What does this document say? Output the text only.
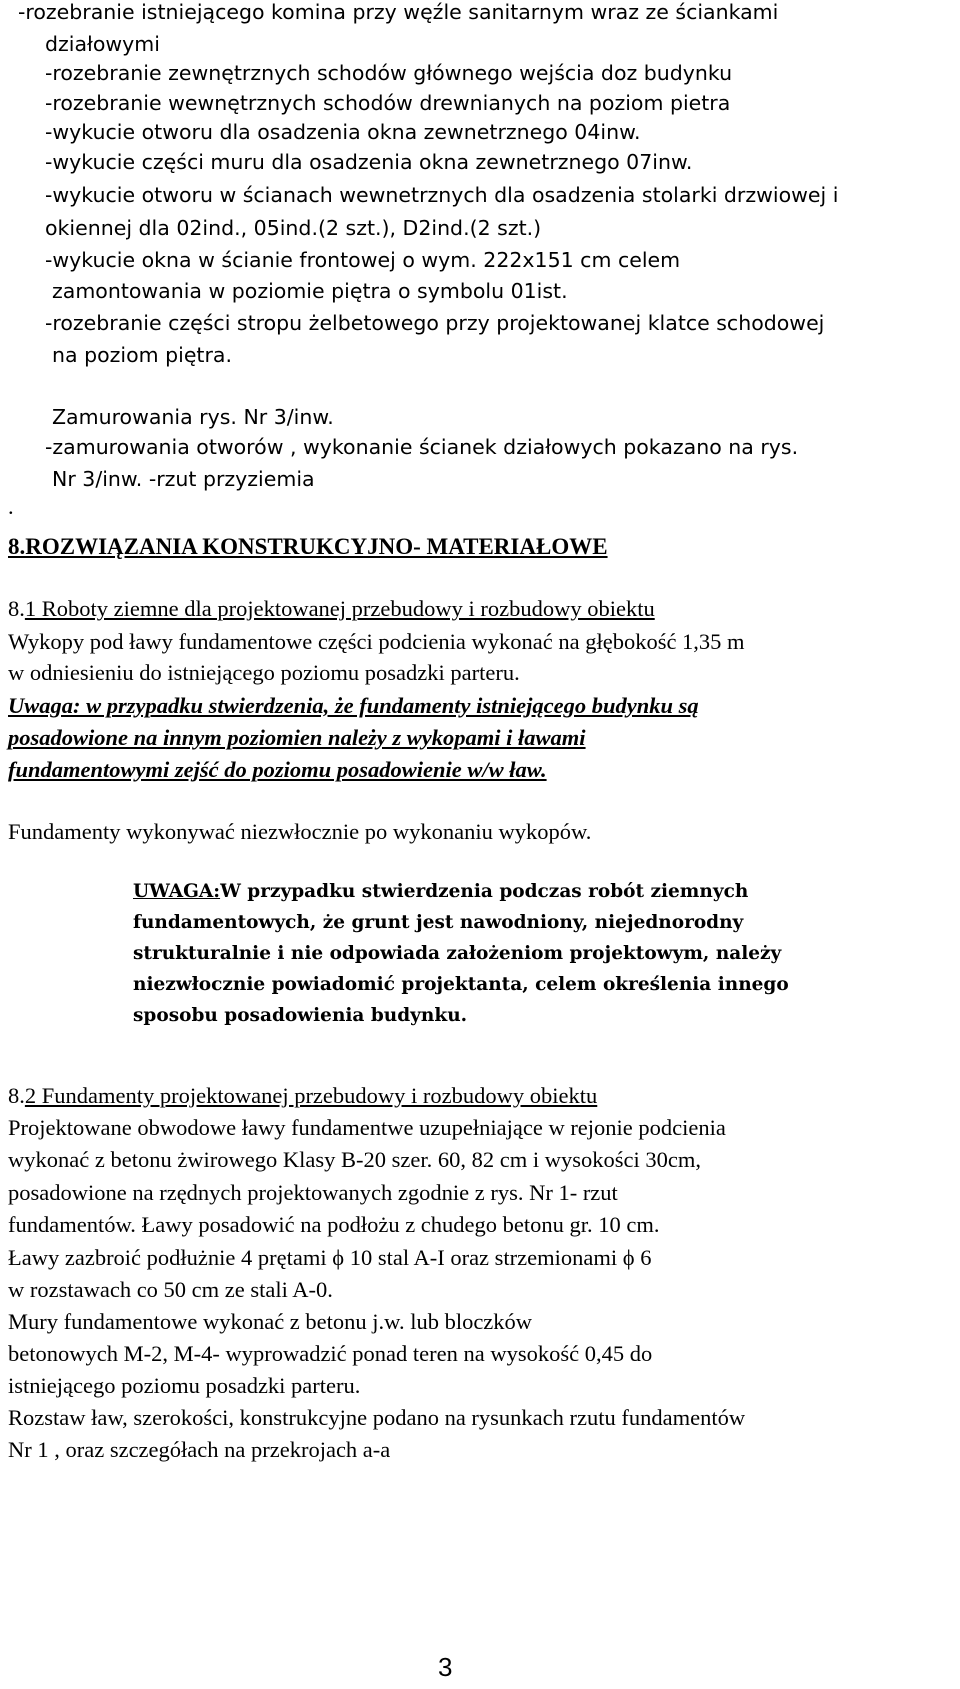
-rozebranie istniejącego komina przy węźle sanitarnym wraz ze ściankami

działowymi

-rozebranie zewnętrznych schodów głównego wejścia doz budynku

-rozebranie wewnętrznych schodów drewnianych na poziom pietra

-wykucie otworu dla osadzenia okna zewnetrznego 04inw.

-wykucie części muru dla osadzenia okna zewnetrznego 07inw.

-wykucie otworu w ścianach wewnetrznych dla osadzenia stolarki drzwiowej i

okiennej dla 02ind., 05ind.(2 szt.), D2ind.(2 szt.)

-wykucie okna w ścianie frontowej o wym. 222x151 cm celem

zamontowania w poziomie piętra o symbolu 01ist.

-rozebranie części stropu żelbetowego przy projektowanej klatce schodowej

na poziom piętra.

Zamurowania rys. Nr 3/inw.

-zamurowania otworów , wykonanie ścianek działowych pokazano na rys.

Nr 3/inw. -rzut przyziemia

.

8.ROZWIĄZANIA KONSTRUKCYJNO- MATERIAŁOWE

8.1 Roboty ziemne dla projektowanej przebudowy i rozbudowy obiektu

Wykopy pod ławy fundamentowe części podcienia wykonać na głębokość 1,35 m

w odniesieniu do istniejącego poziomu posadzki parteru.

Uwaga: w przypadku stwierdzenia, że fundamenty istniejącego budynku są

posadowione na innym poziomien należy z wykopami i ławami

fundamentowymi zejść do poziomu posadowienie w/w ław.

Fundamenty wykonywać niezwłocznie po wykonaniu wykopów.

UWAGA:W przypadku stwierdzenia podczas robót ziemnych

fundamentowych, że grunt jest nawodniony, niejednorodny

strukturalnie i nie odpowiada założeniom projektowym, należy

niezwłocznie powiadomić projektanta, celem określenia innego

sposobu posadowienia budynku.

8.2 Fundamenty projektowanej przebudowy i rozbudowy obiektu

Projektowane obwodowe ławy fundamentwe uzupełniające w rejonie podcienia

wykonać z betonu żwirowego Klasy B-20 szer. 60, 82 cm i wysokości 30cm,

posadowione na rzędnych projektowanych zgodnie z rys. Nr 1- rzut

fundamentów. Ławy posadowić na podłożu z chudego betonu gr. 10 cm.

Ławy zazbroić podłużnie 4 prętami ϕ 10 stal A-I oraz strzemionami ϕ 6

w rozstawach co 50 cm ze stali A-0.

Mury fundamentowe wykonać z betonu j.w. lub bloczków

betonowych M-2, M-4- wyprowadzić ponad teren na wysokość 0,45 do

istniejącego poziomu posadzki parteru.

Rozstaw ław, szerokości, konstrukcyjne podano na rysunkach rzutu fundamentów

Nr 1 , oraz szczegółach na przekrojach a-a

3
